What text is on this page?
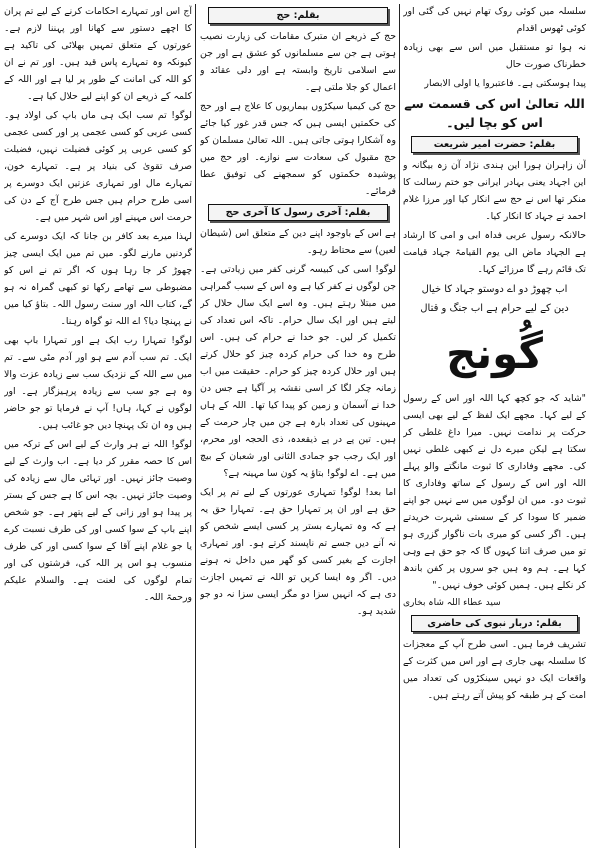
سلسلہ میں کوئی روک تھام نہیں کی گئی اور کوئی ٹھوس اقدام

نہ ہوا تو مستقبل میں اس سے بھی زیادہ خطرناک صورت حال

پیدا ہوسکتی ہے۔ فاعتبروا یا اولی الابصار

اللہ تعالیٰ اس کی قسمت سے اس کو بچا لیں۔
بقلم: حضرت امیر شریعت

آن زاہران ہورا این ہندی نژاد آن زہ بیگانہ و این اجہاد یعنی بہادر ایرانی جو ختم رسالت کا منکر تھا اس نے حج سے انکار کیا اور مرزا غلام احمد نے جہاد کا انکار کیا۔

حالانکہ رسول عربی فداہ ابی و امی کا ارشاد ہے الجہاد ماض الی یوم القیامۃ جہاد قیامت تک قائم رہے گا مرزائے کہا۔

اب چھوڑ دو اے دوستو جہاد کا خیال
دین کے لیے حرام ہے اب جنگ و قتال
گُونج

"شاید کہ جو کچھ کہا اللہ اور اس کے رسول کے لیے کہا۔ مجھے ایک لفظ کے لیے بھی ایسی حرکت پر ندامت نہیں۔ میرا داغ غلطی کر سکتا ہے لیکن میرے دل نے کبھی غلطی نہیں کی۔ مجھے وفاداری کا ثبوت مانگتے والو پہلے اللہ اور اس کے رسول کے ساتھ وفاداری کا ثبوت دو۔ میں ان لوگوں میں سے نہیں جو اپنے ضمیر کا سودا کر کے سستی شہرت خریدتے ہیں۔ اگر کسی کو میری بات ناگوار گزری ہو تو میں صرف اتنا کہوں گا کہ جو حق ہے وہی کہا ہے۔ ہم وہ ہیں جو سروں پر کفن باندھ کر نکلے ہیں۔ ہمیں کوئی خوف نہیں۔"

سید عطاء اللہ شاہ بخاری

بقلم: دربار نبوی کی حاضری

تشریف فرما ہیں۔ اسی طرح آپ کے معجزات کا سلسلہ بھی جاری ہے اور اس میں کثرت کے واقعات ایک دو نہیں سینکڑوں کی تعداد میں امت کے ہر طبقہ کو پیش آتے رہتے ہیں۔

بقلم: حج

حج کے ذریعے ان متبرک مقامات کی زیارت نصیب ہوتی ہے جن سے مسلمانوں کو عشق ہے اور جن سے اسلامی تاریخ وابستہ ہے اور دلی عقائد و اعمال کو جلا ملتی ہے۔

حج کی کیمیا سیکڑوں بیماریوں کا علاج ہے اور حج کی حکمتیں ایسی ہیں کہ جس قدر غور کیا جائے وہ آشکارا ہوتی جاتی ہیں۔ اللہ تعالیٰ مسلمان کو حج مقبول کی سعادت سے نوازے۔ اور حج میں پوشیدہ حکمتوں کو سمجھنے کی توفیق عطا فرمائے۔

بقلم: آخری رسول کا آخری حج

ہے اس کے باوجود اپنے دین کے متعلق اس (شیطان لعین) سے محتاط رہو۔

لوگو! اسی کی کبیسہ گرنی کفر میں زیادتی ہے۔ جن لوگوں نے کفر کیا ہے وہ اس کے سبب گمراہی میں مبتلا رہتے ہیں۔ وہ اسے ایک سال حلال کر لیتے ہیں اور ایک سال حرام۔ تاکہ اس تعداد کی تکمیل کر لیں۔ جو خدا نے حرام کی ہیں۔ اس طرح وہ خدا کی حرام کردہ چیز کو حلال کرتے ہیں اور حلال کردہ چیز کو حرام۔ حقیقت میں اب زمانہ چکر لگا کر اسی نقشہ پر آگیا ہے جس دن خدا نے آسمان و زمین کو پیدا کیا تھا۔ اللہ کے ہاں مہینوں کی تعداد بارہ ہے جن میں چار حرمت کے ہیں۔ تین پے در پے ذیقعدہ، ذی الحجہ اور محرم، اور ایک رجب جو جمادی الثانی اور شعبان کے بیچ میں ہے۔ اے لوگو! بتاؤ یہ کون سا مہینہ ہے؟

اما بعد! لوگو! تمہاری عورتوں کے لیے تم پر ایک حق ہے اور ان پر تمہارا حق ہے۔ تمہارا حق یہ ہے کہ وہ تمہارے بستر پر کسی ایسے شخص کو نہ آنے دیں جسے تم ناپسند کرتے ہو۔ اور تمہاری اجازت کے بغیر کسی کو گھر میں داخل نہ ہونے دیں۔ اگر وہ ایسا کریں تو اللہ نے تمہیں اجازت دی ہے کہ انہیں سزا دو مگر ایسی سزا نہ دو جو شدید ہو۔

آج اس اور تمہارے احکامات کرنے کے لیے تم پران کا اچھے دستور سے کھانا اور پہننا لازم ہے۔ عورتوں کے متعلق تمہیں بھلائی کی تاکید ہے کیونکہ وہ تمہارے پاس قید ہیں۔ اور تم نے ان کو اللہ کی امانت کے طور پر لیا ہے اور اللہ کے کلمہ کے ذریعے ان کو اپنے لیے حلال کیا ہے۔

لوگو! تم سب ایک ہی ماں باپ کی اولاد ہو۔ کسی عربی کو کسی عجمی پر اور کسی عجمی کو کسی عربی پر کوئی فضیلت نہیں، فضیلت صرف تقویٰ کی بنیاد پر ہے۔ تمہارے خون، تمہارے مال اور تمہاری عزتیں ایک دوسرے پر اسی طرح حرام ہیں جس طرح آج کے دن کی حرمت اس مہینے اور اس شہر میں ہے۔

لہذا میرے بعد کافر بن جانا کہ ایک دوسرے کی گردنیں مارنے لگو۔ میں تم میں ایک ایسی چیز چھوڑ کر جا رہا ہوں کہ اگر تم نے اس کو مضبوطی سے تھامے رکھا تو کبھی گمراہ نہ ہو گے، کتاب اللہ اور سنت رسول اللہ۔ بتاؤ کیا میں نے پہنچا دیا؟ اے اللہ تو گواہ رہنا۔

لوگو! تمہارا رب ایک ہے اور تمہارا باپ بھی ایک۔ تم سب آدم سے ہو اور آدم مٹی سے۔ تم میں سے اللہ کے نزدیک سب سے زیادہ عزت والا وہ ہے جو سب سے زیادہ پرہیزگار ہے۔ اور لوگوں نے کہا، ہاں! آپ نے فرمایا تو جو حاضر ہیں وہ ان تک پہنچا دیں جو غائب ہیں۔

لوگو! اللہ نے ہر وارث کے لیے اس کے ترکہ میں اس کا حصہ مقرر کر دیا ہے۔ اب وارث کے لیے وصیت جائز نہیں۔ اور تہائی مال سے زیادہ کی وصیت جائز نہیں۔ بچہ اس کا ہے جس کے بستر پر پیدا ہو اور زانی کے لیے پتھر ہے۔ جو شخص اپنے باپ کے سوا کسی اور کی طرف نسبت کرے یا جو غلام اپنے آقا کے سوا کسی اور کی طرف منسوب ہو اس پر اللہ کی، فرشتوں کی اور تمام لوگوں کی لعنت ہے۔ والسلام علیکم ورحمۃ اللہ۔
